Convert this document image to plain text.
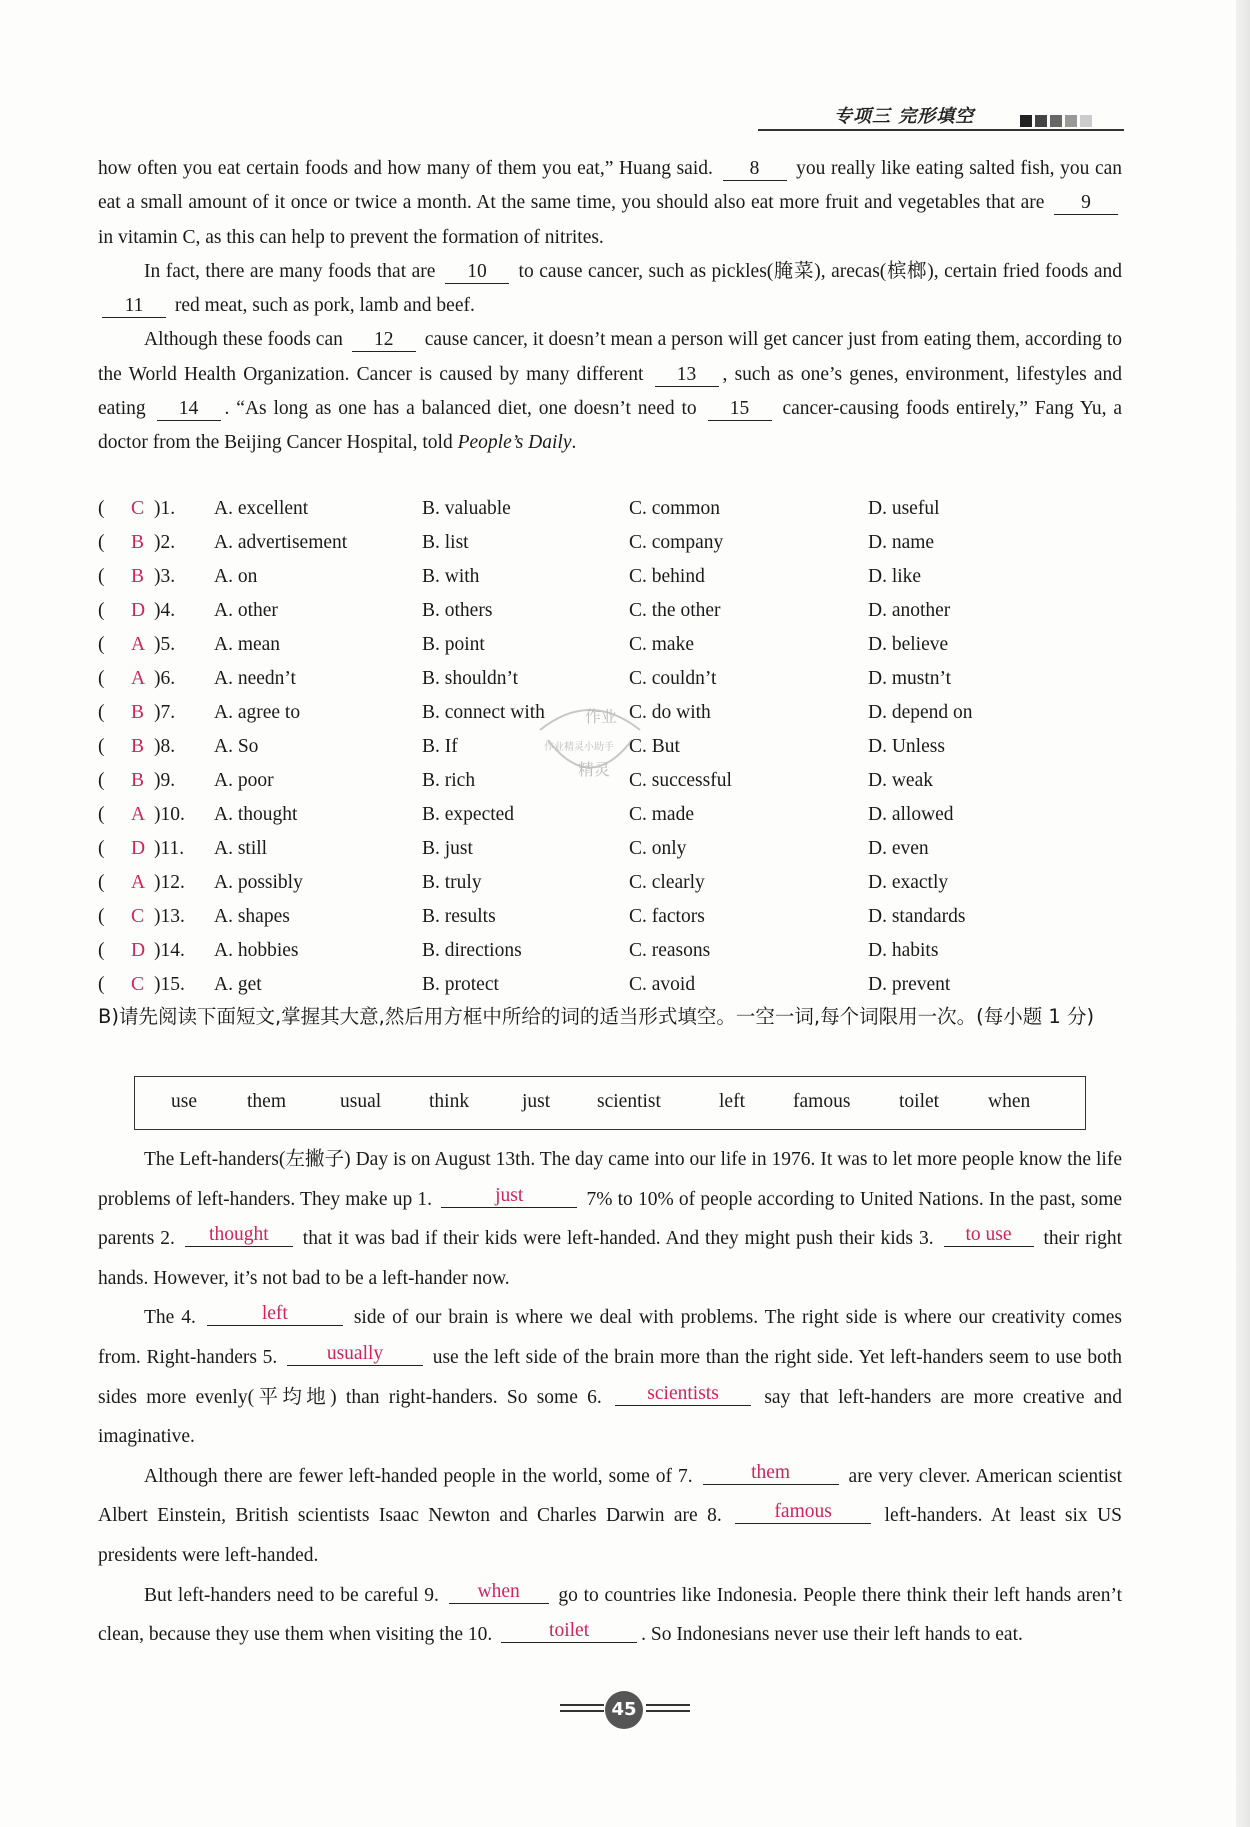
专项三 完形填空

how often you eat certain foods and how many of them you eat,” Huang said. 8 you really like eating salted fish, you can eat a small amount of it once or twice a month. At the same time, you should also eat more fruit and vegetables that are 9 in vitamin C, as this can help to prevent the formation of nitrites.

In fact, there are many foods that are 10 to cause cancer, such as pickles(腌菜), arecas(槟榔), certain fried foods and 11 red meat, such as pork, lamb and beef.

Although these foods can 12 cause cancer, it doesn’t mean a person will get cancer just from eating them, according to the World Health Organization. Cancer is caused by many different 13 , such as one’s genes, environment, lifestyles and eating 14 . “As long as one has a balanced diet, one doesn’t need to 15 cancer-causing foods entirely,” Fang Yu, a doctor from the Beijing Cancer Hospital, told People’s Daily.

( C )1. A. excellent	B. valuable	C. common	D. useful
( B )2. A. advertisement	B. list	C. company	D. name
( B )3. A. on	B. with	C. behind	D. like
( D )4. A. other	B. others	C. the other	D. another
( A )5. A. mean	B. point	C. make	D. believe
( A )6. A. needn’t	B. shouldn’t	C. couldn’t	D. mustn’t
( B )7. A. agree to	B. connect with	C. do with	D. depend on
( B )8. A. So	B. If	C. But	D. Unless
( B )9. A. poor	B. rich	C. successful	D. weak
( A )10. A. thought	B. expected	C. made	D. allowed
( D )11. A. still	B. just	C. only	D. even
( A )12. A. possibly	B. truly	C. clearly	D. exactly
( C )13. A. shapes	B. results	C. factors	D. standards
( D )14. A. hobbies	B. directions	C. reasons	D. habits
( C )15. A. get	B. protect	C. avoid	D. prevent
作业
作业精灵小助手
精灵

B)请先阅读下面短文,掌握其大意,然后用方框中所给的词的适当形式填空。一空一词,每个词限用一次。(每小题 1 分)

use	them	usual think	just scientist	left famous toilet	when

The Left-handers(左撇子) Day is on August 13th. The day came into our life in 1976. It was to let more people know the life problems of left-handers. They make up 1.	just	7% to 10% of people according to United Nations. In the past, some parents 2. thought that it was bad if their kids were left-handed. And they might push their kids 3. to use their right hands. However, it’s not bad to be a left-hander now.

The 4.	left	side of our brain is where we deal with problems. The right side is where our creativity comes from. Right-handers 5.	usually	use the left side of the brain more than the right side. Yet left-handers seem to use both sides more evenly(平均地) than right-handers. So some 6. scientists say that left-handers are more creative and imaginative.

Although there are fewer left-handed people in the world, some of 7.	them	are very clever. American scientist Albert Einstein, British scientists Isaac Newton and Charles Darwin are 8.	famous	left-handers. At least six US presidents were left-handed.

But left-handers need to be careful 9. when go to countries like Indonesia. People there think their left hands aren’t clean, because they use them when visiting the 10.	toilet	. So Indonesians never use their left hands to eat.

45
